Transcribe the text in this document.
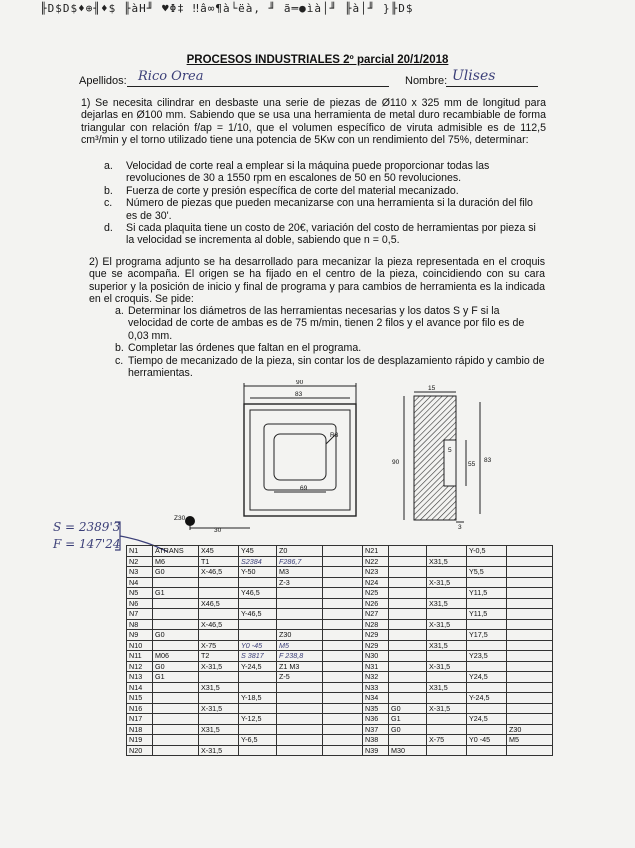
╟D$D$♦⊕╢♦$ ╟àH╜ ♥Φ‡ ‼â∞¶à└ëà, ╜ ã═●ìà│╜ ╟à│╜ }╟D$
PROCESOS INDUSTRIALES 2º parcial 20/1/2018
Apellidos: Rico Orea	Nombre: Ulises
1) Se necesita cilindrar en desbaste una serie de piezas de Ø110 x 325 mm de longitud para dejarlas en Ø100 mm. Sabiendo que se usa una herramienta de metal duro recambiable de forma triangular con relación f/ap = 1/10, que el volumen específico de viruta admisible es de 112,5 cm³/min y el torno utilizado tiene una potencia de 5Kw con un rendimiento del 75%, determinar:
a. Velocidad de corte real a emplear si la máquina puede proporcionar todas las revoluciones de 30 a 1550 rpm en escalones de 50 en 50 revoluciones.
b. Fuerza de corte y presión específica de corte del material mecanizado.
c. Número de piezas que pueden mecanizarse con una herramienta si la duración del filo es de 30'.
d. Si cada plaquita tiene un costo de 20€, variación del costo de herramientas por pieza si la velocidad se incrementa al doble, sabiendo que n = 0,5.
2) El programa adjunto se ha desarrollado para mecanizar la pieza representada en el croquis que se acompaña. El origen se ha fijado en el centro de la pieza, coincidiendo con su cara superior y la posición de inicio y final de programa y para cambios de herramienta es la indicada en el croquis. Se pide:
a. Determinar los diámetros de las herramientas necesarias y los datos S y F si la velocidad de corte de ambas es de 75 m/min, tienen 2 filos y el avance por filo es de 0,03 mm.
b. Completar las órdenes que faltan en el programa.
c. Tiempo de mecanizado de la pieza, sin contar los de desplazamiento rápido y cambio de herramientas.
90
83
R3
69
Z30
30
15
90	83
5
55
3
S = 2389'3
F = 147'24 N1	ATRANS	X45	Y45	Z0		N21			Y-0,5	
N2	M6	T1	S2384	F286,7		N22		X31,5		
N3	G0	X-46,5	Y-50	M3		N23			Y5,5	
N4				Z-3		N24		X-31,5		
N5	G1		Y46,5			N25			Y11,5	
N6		X46,5				N26		X31,5		
N7			Y-46,5			N27			Y11,5	
N8		X-46,5				N28		X-31,5		
N9	G0			Z30		N29			Y17,5	
N10		X-75	Y0 -45	M5		N29		X31,5		
N11	M06	T2	S 3817	F 238,8		N30			Y23,5	
N12	G0	X-31,5	Y-24,5	Z1 M3		N31		X-31,5		
N13	G1			Z-5		N32			Y24,5	
N14		X31,5				N33		X31,5		
N15			Y-18,5			N34			Y-24,5	
N16		X-31,5				N35	G0	X-31,5		
N17			Y-12,5			N36	G1		Y24,5	
N18		X31,5				N37	G0			Z30
N19			Y-6,5			N38		X-75	Y0 -45	M5
N20		X-31,5				N39	M30			
